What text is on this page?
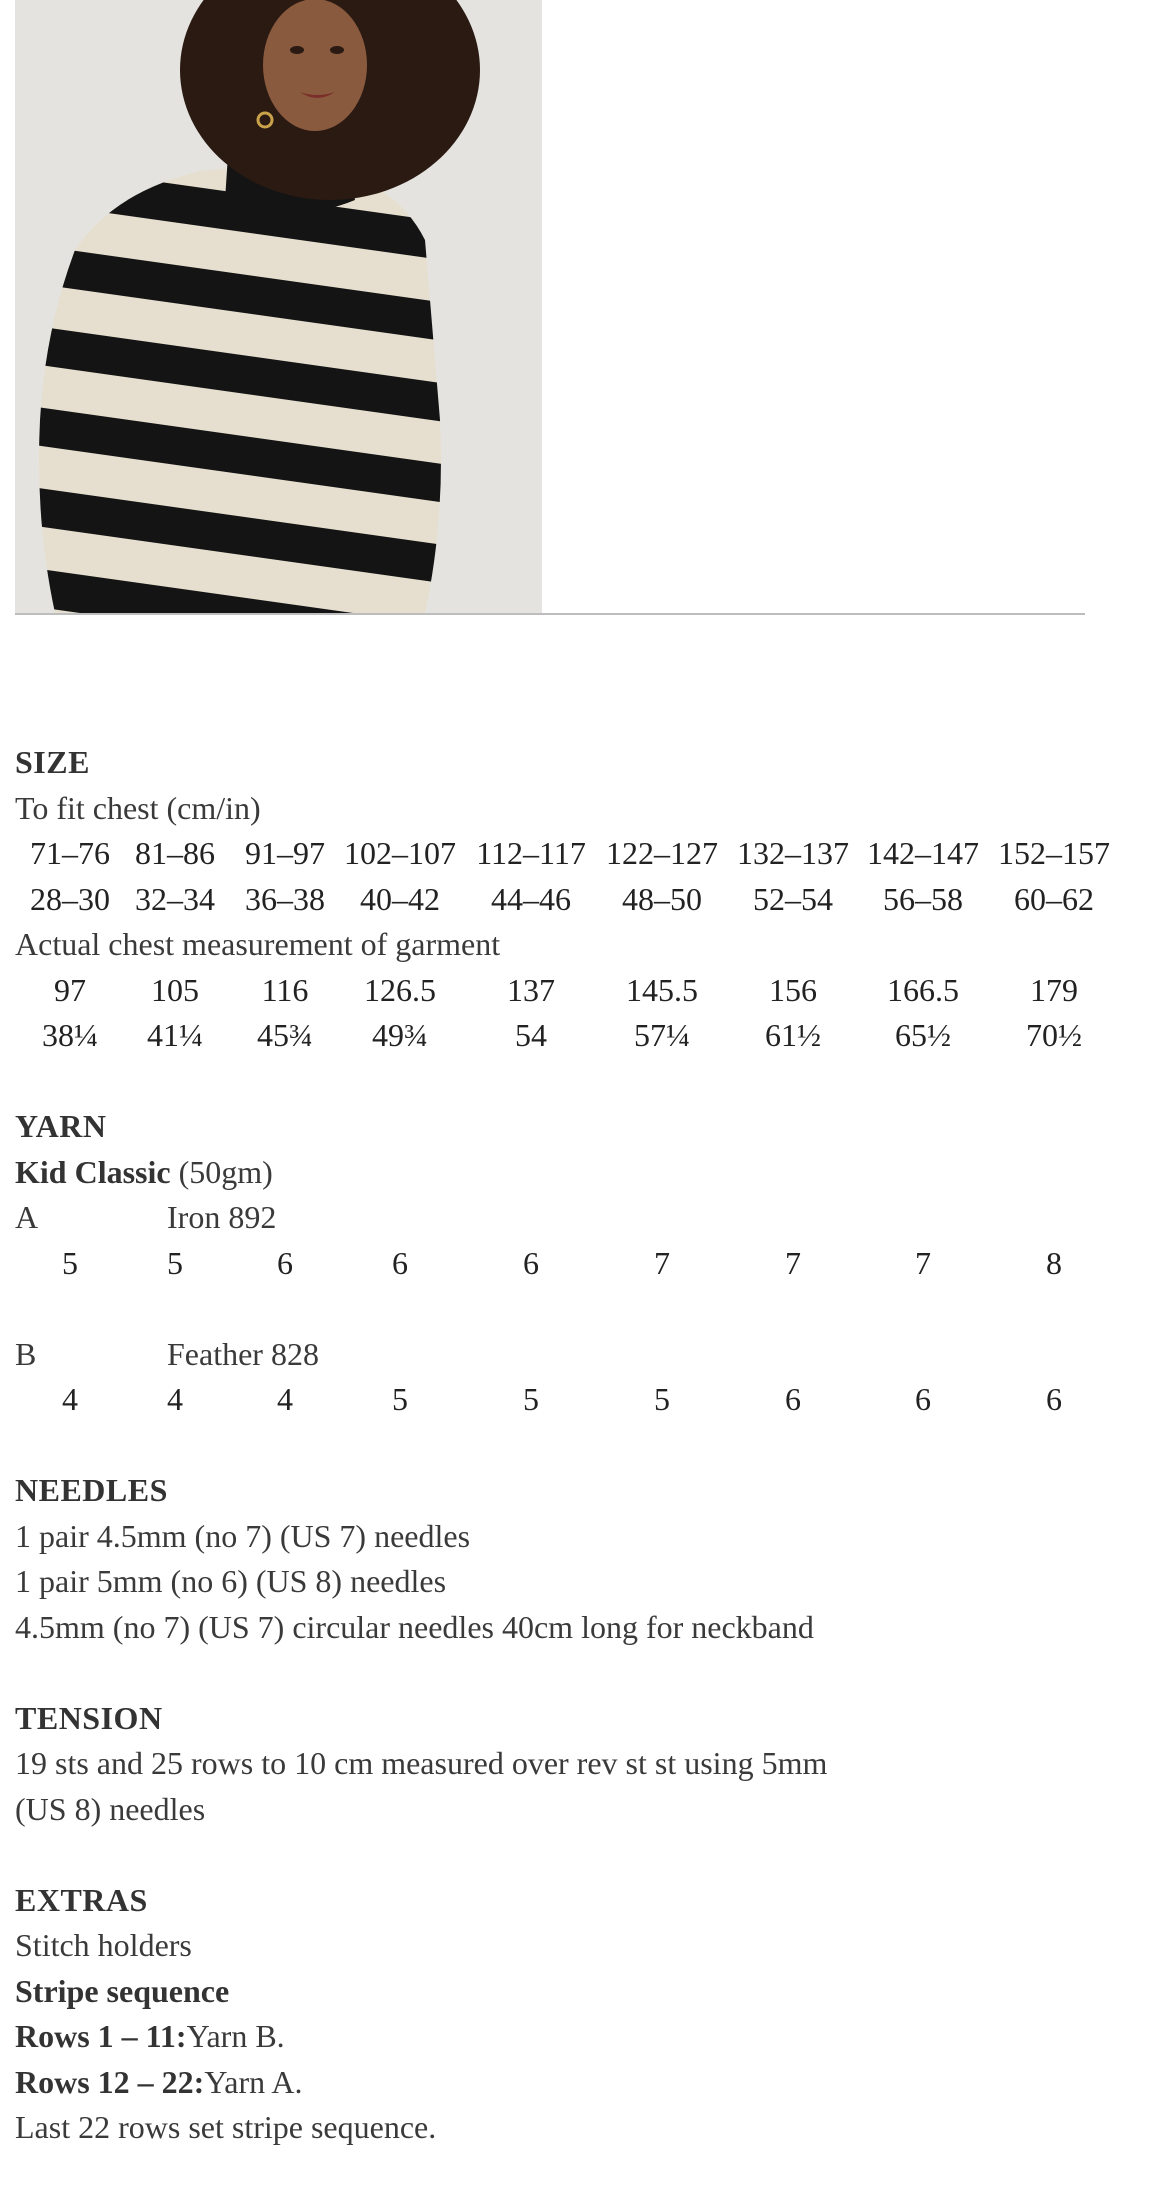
SIZE
To fit chest (cm/in)
71–76 81–86 91–97 102–107 112–117 122–127 132–137 142–147 152–157
28–30 32–34 36–38	40–42	44–46	48–50	52–54	56–58	60–62
Actual chest measurement of garment
97	105	116	126.5	137	145.5	156	166.5	179
38¼	41¼	45¾	49¾	54	57¼	61½	65½	70½
YARN
Kid Classic (50gm)
A	Iron 892
5	5	6	6	6	7	7	7	8
B	Feather 828
4	4	4	5	5	5	6	6	6
NEEDLES
1 pair 4.5mm (no 7) (US 7) needles
1 pair 5mm (no 6) (US 8) needles
4.5mm (no 7) (US 7) circular needles 40cm long for neckband
TENSION
19 sts and 25 rows to 10 cm measured over rev st st using 5mm
(US 8) needles
EXTRAS
Stitch holders
Stripe sequence
Rows 1 – 11:Yarn B.
Rows 12 – 22:Yarn A.
Last 22 rows set stripe sequence.
